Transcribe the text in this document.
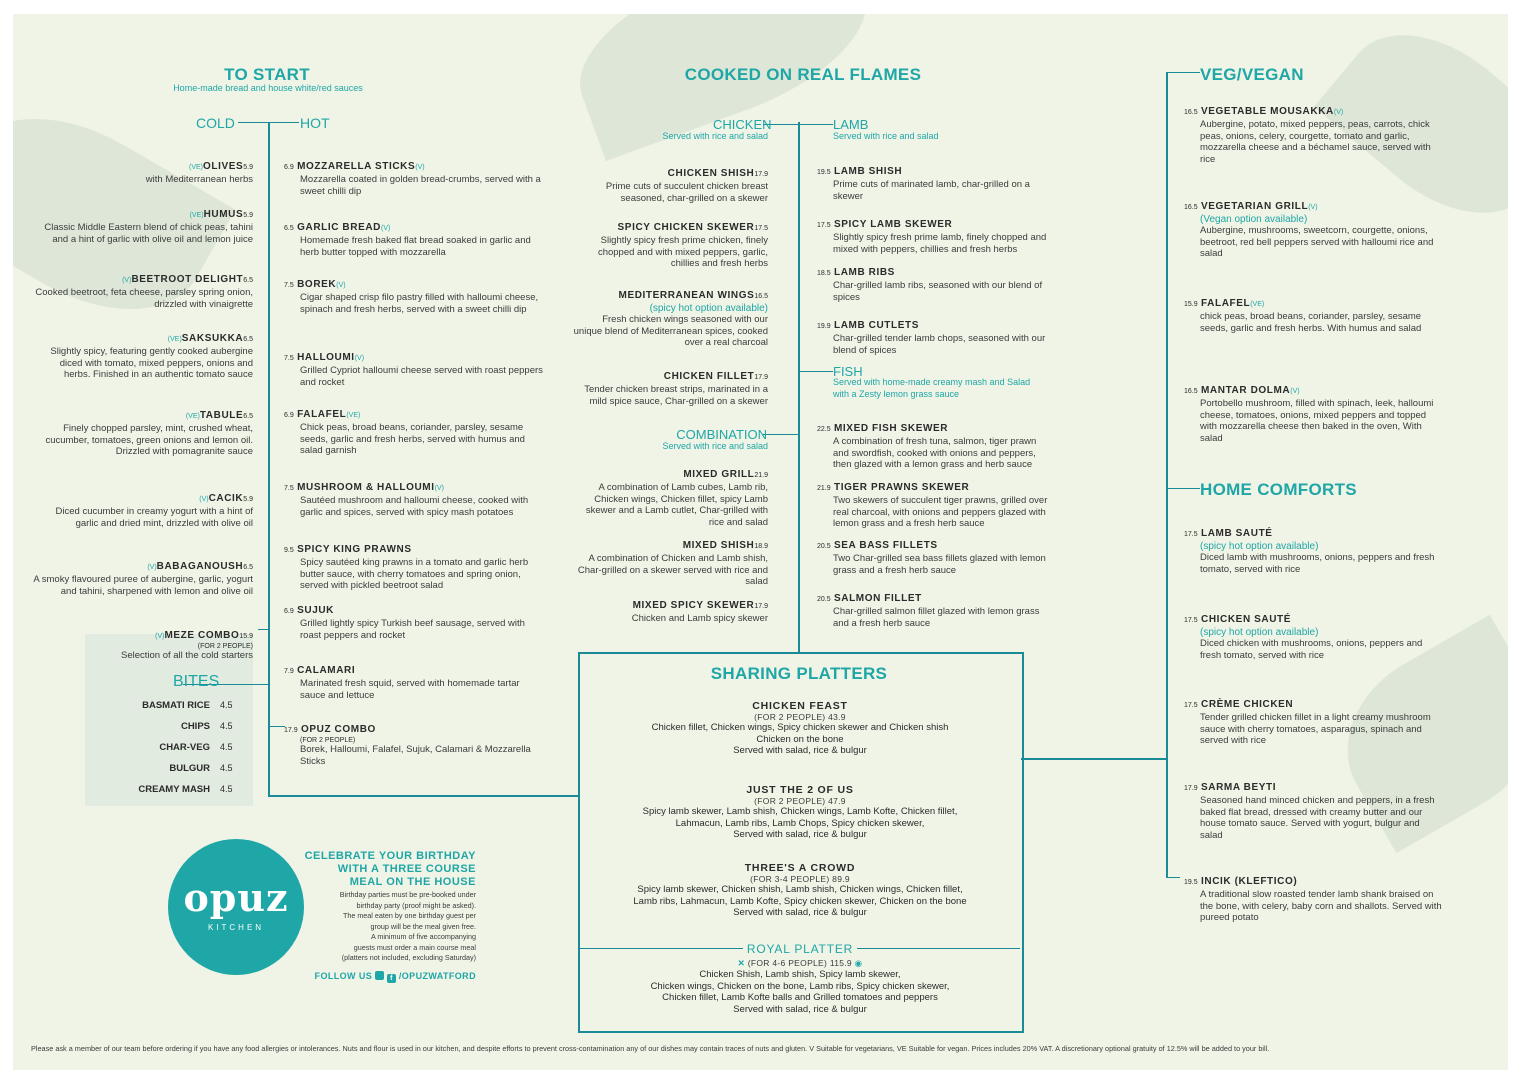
TO START
Home-made bread and house white/red sauces
COLD	HOT
BITES
(VE)OLIVES5.9
with Mediterranean herbs
(VE)HUMUS5.9
Classic Middle Eastern blend of chick peas, tahini and a hint of garlic with olive oil and lemon juice
(V)BEETROOT DELIGHT6.5
Cooked beetroot, feta cheese, parsley spring onion, drizzled with vinaigrette
(VE)SAKSUKKA6.5
Slightly spicy, featuring gently cooked aubergine diced with tomato, mixed peppers, onions and herbs. Finished in an authentic tomato sauce
(VE)TABULE6.5
Finely chopped parsley, mint, crushed wheat, cucumber, tomatoes, green onions and lemon oil. Drizzled with pomagranite sauce
(V)CACIK5.9
Diced cucumber in creamy yogurt with a hint of garlic and dried mint, drizzled with olive oil
(V)BABAGANOUSH6.5
A smoky flavoured puree of aubergine, garlic, yogurt and tahini, sharpened with lemon and olive oil
(V)MEZE COMBO15.9
(FOR 2 PEOPLE)
Selection of all the cold starters
6.9 MOZZARELLA STICKS(V)
Mozzarella coated in golden bread-crumbs, served with a sweet chilli dip
6.5 GARLIC BREAD(V)
Homemade fresh baked flat bread soaked in garlic and herb butter topped with mozzarella
7.5 BOREK(V)
Cigar shaped crisp filo pastry filled with halloumi cheese, spinach and fresh herbs, served with a sweet chilli dip
7.5 HALLOUMI(V)
Grilled Cypriot halloumi cheese served with roast peppers and rocket
6.9 FALAFEL(VE)
Chick peas, broad beans, coriander, parsley, sesame seeds, garlic and fresh herbs, served with humus and salad garnish
7.5 MUSHROOM & HALLOUMI(V)
Sautéed mushroom and halloumi cheese, cooked with garlic and spices, served with spicy mash potatoes
9.5 SPICY KING PRAWNS
Spicy sautéed king prawns in a tomato and garlic herb butter sauce, with cherry tomatoes and spring onion, served with pickled beetroot salad
6.9 SUJUK
Grilled lightly spicy Turkish beef sausage, served with roast peppers and rocket
7.9 CALAMARI
Marinated fresh squid, served with homemade tartar sauce and lettuce
17.9 OPUZ COMBO
(FOR 2 PEOPLE)
Borek, Halloumi, Falafel, Sujuk, Calamari & Mozzarella Sticks
BASMATI RICE 4.5
CHIPS 4.5
CHAR-VEG 4.5
BULGUR 4.5
CREAMY MASH 4.5
COOKED ON REAL FLAMES
CHICKEN
Served with rice and salad
COMBINATION
Served with rice and salad
LAMB
Served with rice and salad
FISH
Served with home-made creamy mash and Salad with a Zesty lemon grass sauce
CHICKEN SHISH17.9
Prime cuts of succulent chicken breast seasoned, char-grilled on a skewer
SPICY CHICKEN SKEWER17.5
Slightly spicy fresh prime chicken, finely chopped and with mixed peppers, garlic, chillies and fresh herbs
MEDITERRANEAN WINGS16.5
(spicy hot option available)
Fresh chicken wings seasoned with our unique blend of Mediterranean spices, cooked over a real charcoal
CHICKEN FILLET17.9
Tender chicken breast strips, marinated in a mild spice sauce, Char-grilled on a skewer
MIXED GRILL21.9
A combination of Lamb cubes, Lamb rib, Chicken wings, Chicken fillet, spicy Lamb skewer and a Lamb cutlet, Char-grilled with rice and salad
MIXED SHISH18.9
A combination of Chicken and Lamb shish, Char-grilled on a skewer served with rice and salad
MIXED SPICY SKEWER17.9
Chicken and Lamb spicy skewer
19.5 LAMB SHISH
Prime cuts of marinated lamb, char-grilled on a skewer
17.5 SPICY LAMB SKEWER
Slightly spicy fresh prime lamb, finely chopped and mixed with peppers, chillies and fresh herbs
18.5 LAMB RIBS
Char-grilled lamb ribs, seasoned with our blend of spices
19.9 LAMB CUTLETS
Char-grilled tender lamb chops, seasoned with our blend of spices
22.5 MIXED FISH SKEWER
A combination of fresh tuna, salmon, tiger prawn and swordfish, cooked with onions and peppers, then glazed with a lemon grass and herb sauce
21.9 TIGER PRAWNS SKEWER
Two skewers of succulent tiger prawns, grilled over real charcoal, with onions and peppers glazed with lemon grass and a fresh herb sauce
20.5 SEA BASS FILLETS
Two Char-grilled sea bass fillets glazed with lemon grass and a fresh herb sauce
20.5 SALMON FILLET
Char-grilled salmon fillet glazed with lemon grass and a fresh herb sauce
SHARING PLATTERS
CHICKEN FEAST
(FOR 2 PEOPLE) 43.9
Chicken fillet, Chicken wings, Spicy chicken skewer and Chicken shish
Chicken on the bone
Served with salad, rice & bulgur
JUST THE 2 OF US
(FOR 2 PEOPLE) 47.9
Spicy lamb skewer, Lamb shish, Chicken wings, Lamb Kofte, Chicken fillet,
Lahmacun, Lamb ribs, Lamb Chops, Spicy chicken skewer,
Served with salad, rice & bulgur
THREE'S A CROWD
(FOR 3-4 PEOPLE) 89.9
Spicy lamb skewer, Chicken shish, Lamb shish, Chicken wings, Chicken fillet,
Lamb ribs, Lahmacun, Lamb Kofte, Spicy chicken skewer, Chicken on the bone
Served with salad, rice & bulgur
ROYAL PLATTER
✕ (FOR 4-6 PEOPLE) 115.9 ◉
Chicken Shish, Lamb shish, Spicy lamb skewer,
Chicken wings, Chicken on the bone, Lamb ribs, Spicy chicken skewer,
Chicken fillet, Lamb Kofte balls and Grilled tomatoes and peppers
Served with salad, rice & bulgur
VEG/VEGAN
HOME COMFORTS
16.5 VEGETABLE MOUSAKKA(V)
Aubergine, potato, mixed peppers, peas, carrots, chick peas, onions, celery, courgette, tomato and garlic, mozzarella cheese and a béchamel sauce, served with rice
16.5 VEGETARIAN GRILL(V)
(Vegan option available)
Aubergine, mushrooms, sweetcorn, courgette, onions, beetroot, red bell peppers served with halloumi rice and salad
15.9 FALAFEL(VE)
chick peas, broad beans, coriander, parsley, sesame seeds, garlic and fresh herbs. With humus and salad
16.5 MANTAR DOLMA(V)
Portobello mushroom, filled with spinach, leek, halloumi cheese, tomatoes, onions, mixed peppers and topped with mozzarella cheese then baked in the oven, With salad
17.5 LAMB SAUTÉ
(spicy hot option available)
Diced lamb with mushrooms, onions, peppers and fresh tomato, served with rice
17.5 CHICKEN SAUTÉ
(spicy hot option available)
Diced chicken with mushrooms, onions, peppers and fresh tomato, served with rice
17.5 CRÈME CHICKEN
Tender grilled chicken fillet in a light creamy mushroom sauce with cherry tomatoes, asparagus, spinach and served with rice
17.9 SARMA BEYTI
Seasoned hand minced chicken and peppers, in a fresh baked flat bread, dressed with creamy butter and our house tomato sauce. Served with yogurt, bulgur and salad
19.5 INCIK (KLEFTICO)
A traditional slow roasted tender lamb shank braised on the bone, with celery, baby corn and shallots. Served with pureed potato
opuz
KITCHEN
CELEBRATE YOUR BIRTHDAY
WITH A THREE COURSE
MEAL ON THE HOUSE
Birthday parties must be pre-booked under
birthday party (proof might be asked).
The meal eaten by one birthday guest per
group will be the meal given free.
A minimum of five accompanying
guests must order a main course meal
(platters not included, excluding Saturday)
FOLLOW US	f /OPUZWATFORD
Please ask a member of our team before ordering if you have any food allergies or intolerances. Nuts and flour is used in our kitchen, and despite efforts to prevent cross-contamination any of our dishes may contain traces of nuts and gluten. V Suitable for vegetarians, VE Suitable for vegan. Prices includes 20% VAT. A discretionary optional gratuity of 12.5% will be added to your bill.
